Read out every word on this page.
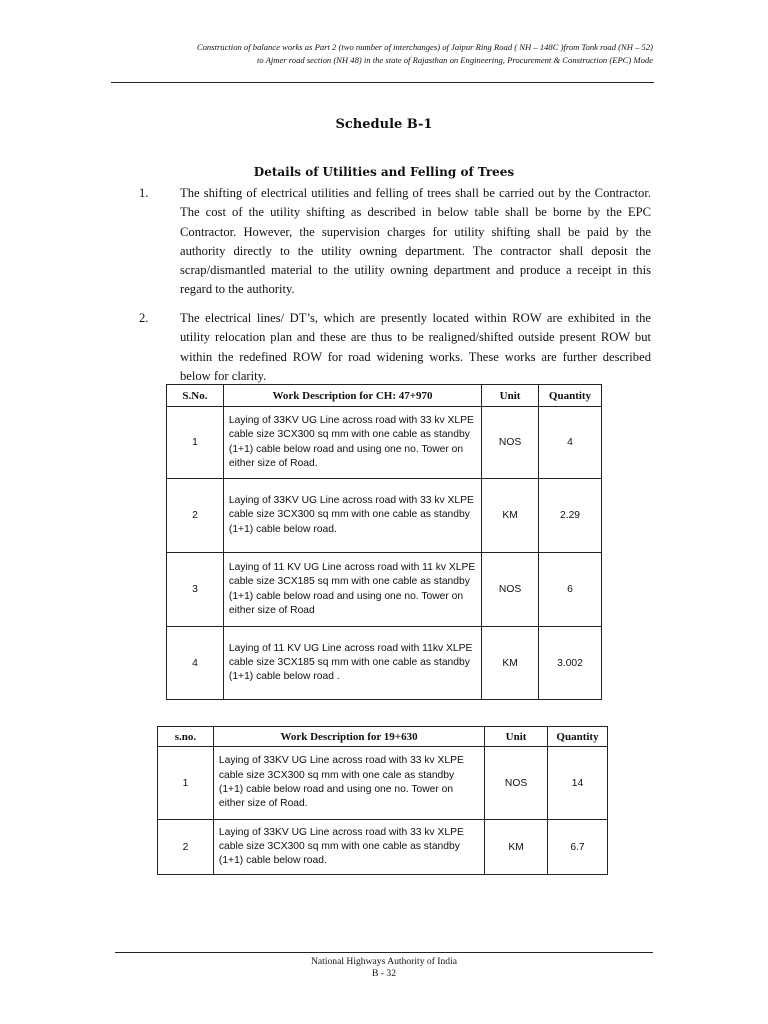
Construction of balance works as Part 2 (two number of interchanges) of Jaipur Ring Road ( NH – 148C )from Tonk road (NH – 52)
to Ajmer road section (NH 48) in the state of Rajasthan on Engineering, Procurement & Construction (EPC) Mode
Schedule B-1
Details of Utilities and Felling of Trees
1.	The shifting of electrical utilities and felling of trees shall be carried out by the Contractor. The cost of the utility shifting as described in below table shall be borne by the EPC Contractor. However, the supervision charges for utility shifting shall be paid by the authority directly to the utility owning department. The contractor shall deposit the scrap/dismantled material to the utility owning department and produce a receipt in this regard to the authority.
2.	The electrical lines/ DT’s, which are presently located within ROW are exhibited in the utility relocation plan and these are thus to be realigned/shifted outside present ROW but within the redefined ROW for road widening works. These works are further described below for clarity.
S.No.	Work Description for CH: 47+970	Unit	Quantity
1	Laying of 33KV UG Line across road with 33 kv XLPE cable size 3CX300 sq mm with one cable as standby (1+1) cable below road and using one no. Tower on either size of Road.	NOS	4
2	Laying of 33KV UG Line across road with 33 kv XLPE cable size 3CX300 sq mm with one cable as standby (1+1) cable below road.	KM	2.29
3	Laying of 11 KV UG Line across road with 11 kv XLPE cable size 3CX185 sq mm with one cable as standby (1+1) cable below road and using one no. Tower on either size of Road	NOS	6
4	Laying of 11 KV UG Line across road with 11kv XLPE cable size 3CX185 sq mm with one cable as standby (1+1) cable below road .	KM	3.002
s.no.	Work Description for 19+630	Unit	Quantity
1	Laying of 33KV UG Line across road with 33 kv XLPE cable size 3CX300 sq mm with one cale as standby (1+1) cable below road and using one no. Tower on either size of Road.	NOS	14
2	Laying of 33KV UG Line across road with 33 kv XLPE cable size 3CX300 sq mm with one cable as standby (1+1) cable below road.	KM	6.7
National Highways Authority of India
B - 32
